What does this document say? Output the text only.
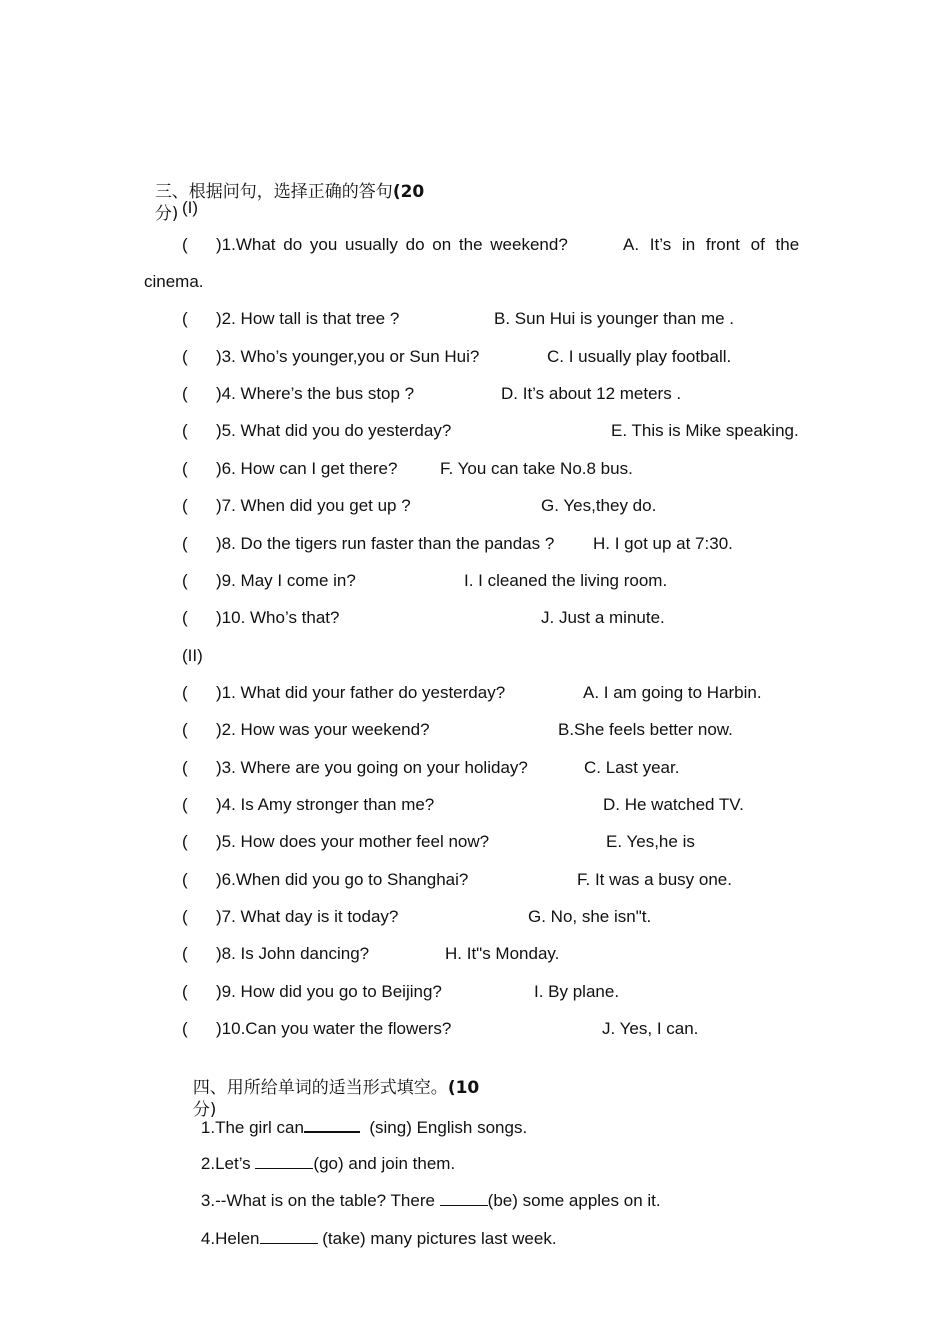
三、根据问句，选择正确的答句(20
分) (I)
( )1.What do you usually do on the weekend?	A. It’s in front of the
cinema.
( )2. How tall is that tree ?	B. Sun Hui is younger than me .
( )3. Who’s younger,you or Sun Hui?	C. I usually play football.
( )4. Where’s the bus stop ?	D. It’s about 12 meters .
( )5. What did you do yesterday?	E. This is Mike speaking.
( )6. How can I get there?	F. You can take No.8 bus.
( )7. When did you get up ?	G. Yes,they do.
( )8. Do the tigers run faster than the pandas ? H. I got up at 7:30.
( )9. May I come in?	I. I cleaned the living room.
( )10. Who’s that?	J. Just a minute.
(II)
( )1. What did your father do yesterday?	A. I am going to Harbin.
( )2. How was your weekend?	B.She feels better now.
( )3. Where are you going on your holiday?	C. Last year.
( )4. Is Amy stronger than me?	D. He watched TV.
( )5. How does your mother feel now?	E. Yes,he is
( )6.When did you go to Shanghai?	F. It was a busy one.
( )7. What day is it today?	G. No, she isn"t.
( )8. Is John dancing?	H. It"s Monday.
( )9. How did you go to Beijing?	I. By plane.
( )10.Can you water the flowers?	J. Yes, I can.

四、用所给单词的适当形式填空。(10
分)

1.The girl can	(sing) English songs.

2.Let’s	(go) and join them.

3.--What is on the table? There	(be) some apples on it.

4.Helen	(take) many pictures last week.
